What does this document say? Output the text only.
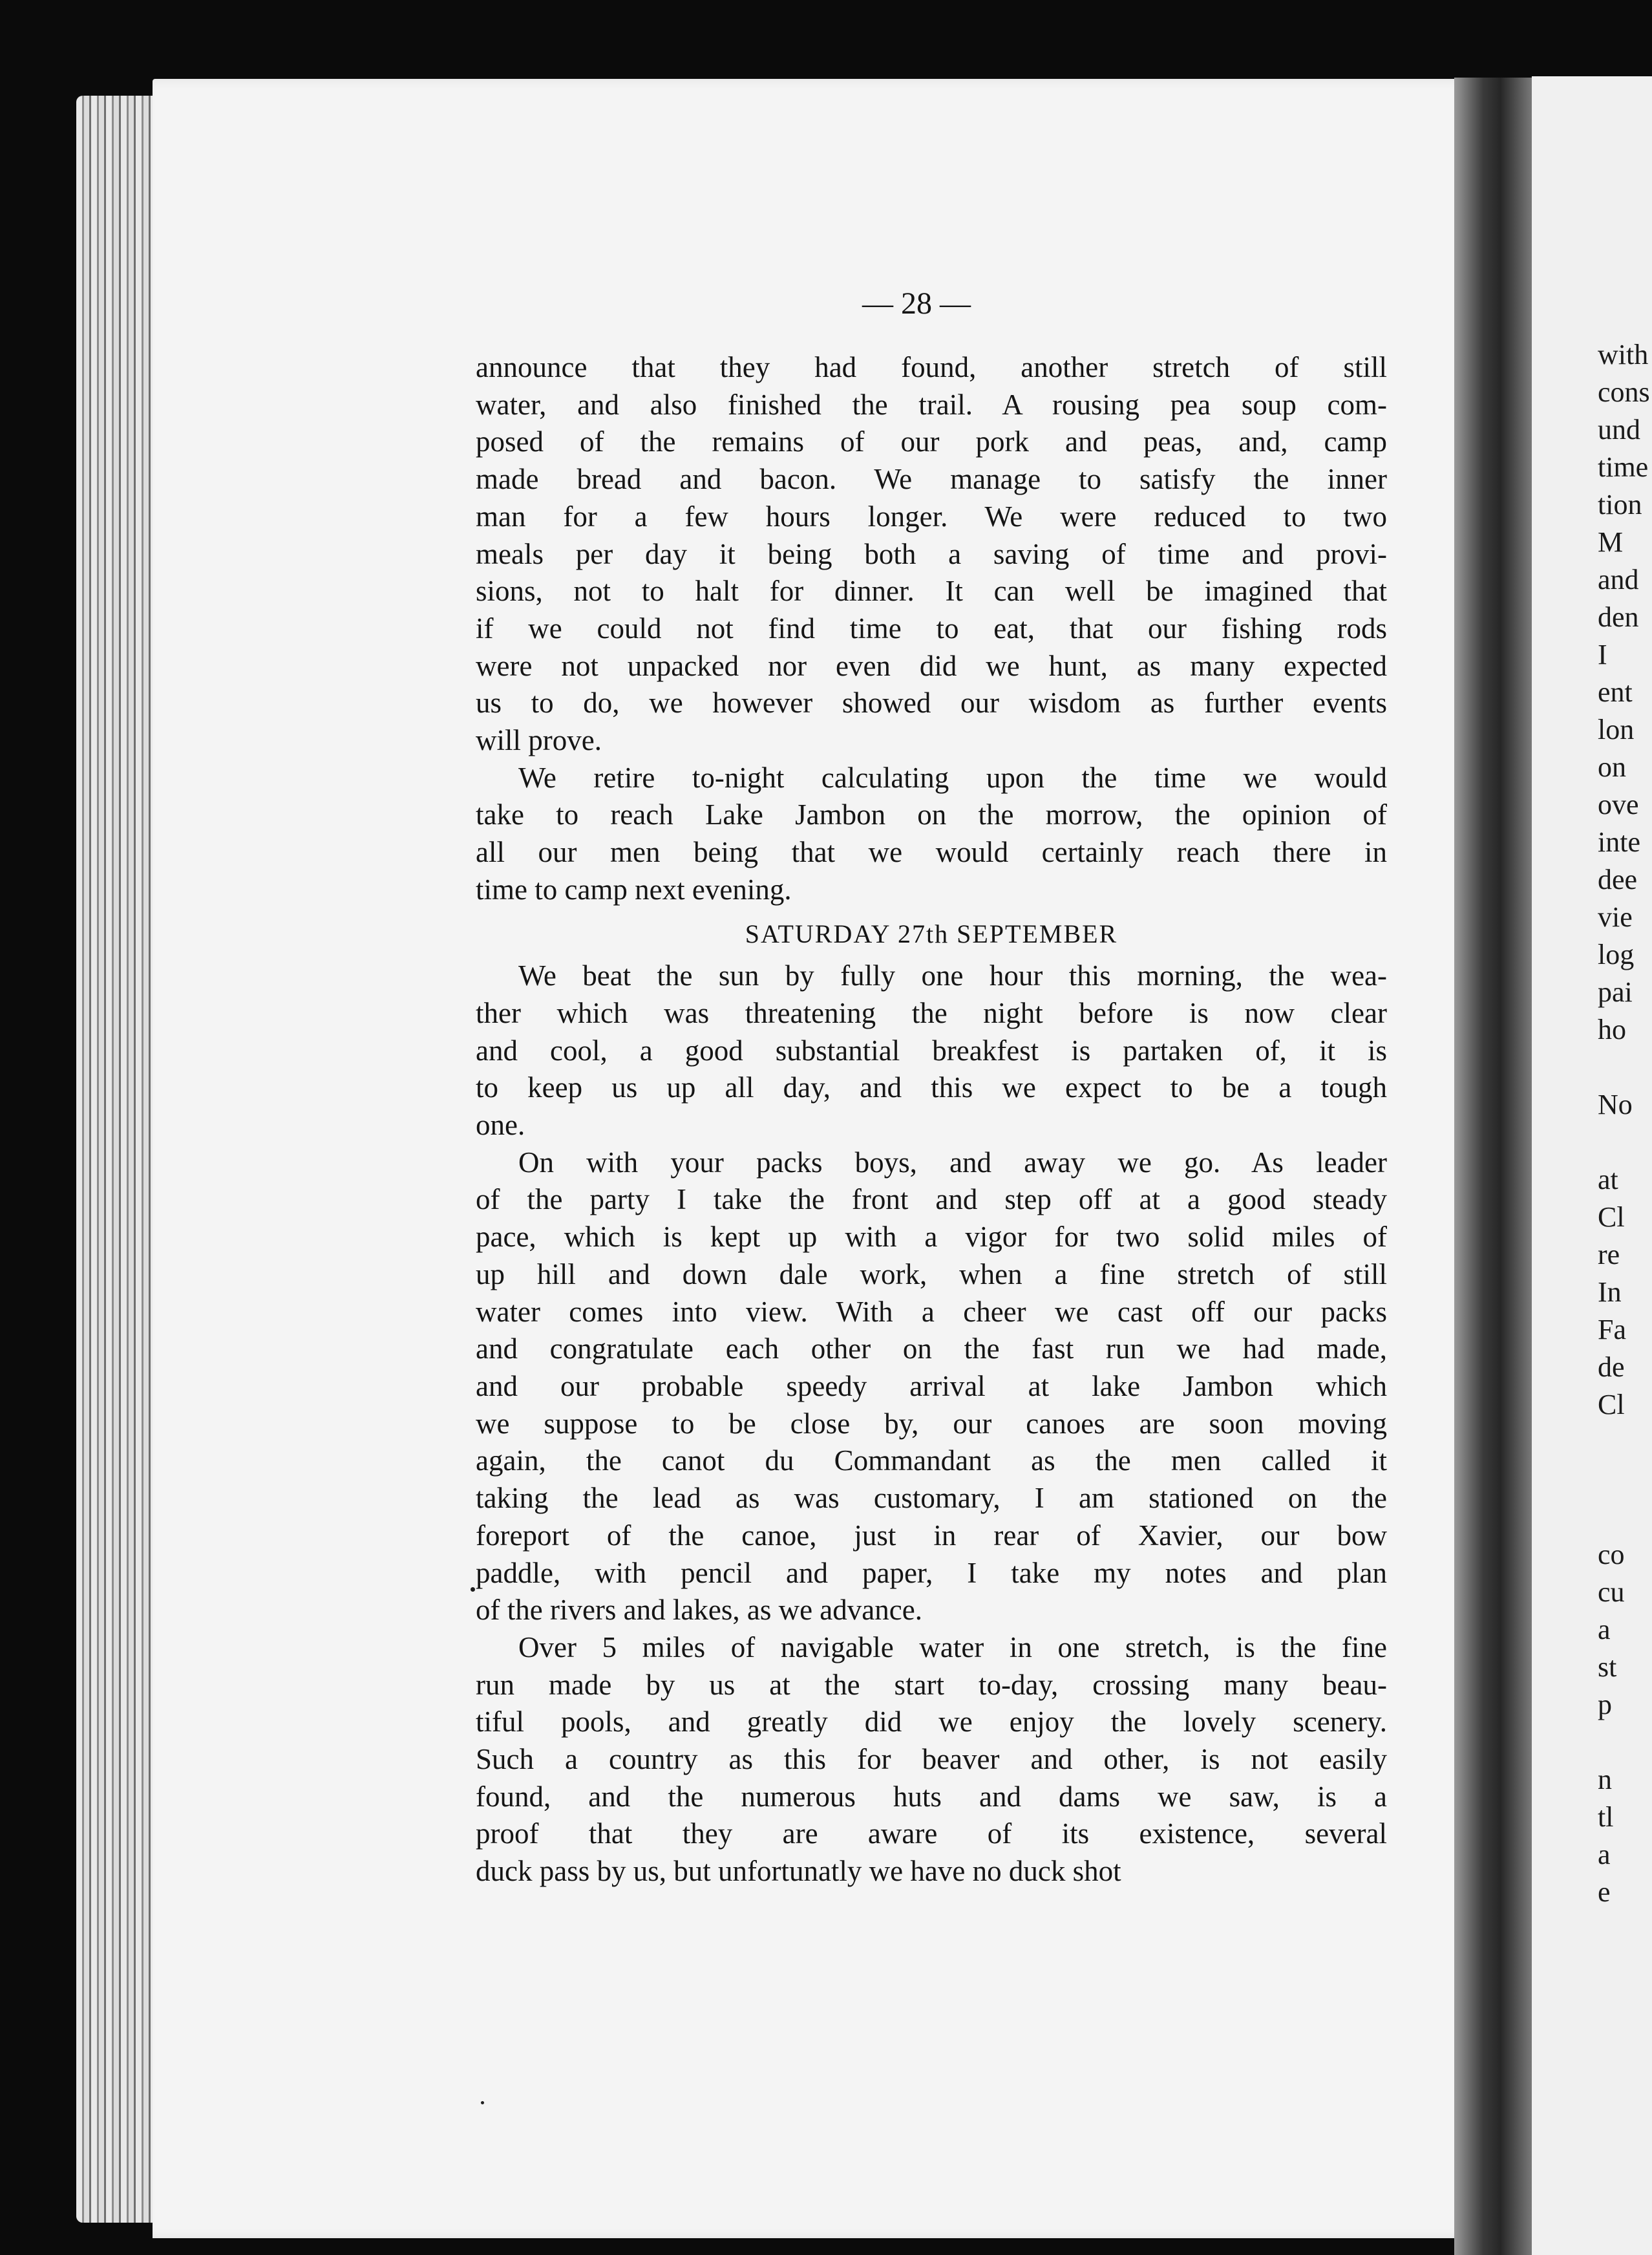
— 28 —
announce that they had found, another stretch of still
water, and also finished the trail. A rousing pea soup com-
posed of the remains of our pork and peas, and, camp
made bread and bacon. We manage to satisfy the inner
man for a few hours longer. We were reduced to two
meals per day it being both a saving of time and provi-
sions, not to halt for dinner. It can well be imagined that
if we could not find time to eat, that our fishing rods
were not unpacked nor even did we hunt, as many expected
us to do, we however showed our wisdom as further events
will prove.
We retire to-night calculating upon the time we would
take to reach Lake Jambon on the morrow, the opinion of
all our men being that we would certainly reach there in
time to camp next evening.
SATURDAY 27th SEPTEMBER
We beat the sun by fully one hour this morning, the wea-
ther which was threatening the night before is now clear
and cool, a good substantial breakfest is partaken of, it is
to keep us up all day, and this we expect to be a tough
one.
On with your packs boys, and away we go. As leader
of the party I take the front and step off at a good steady
pace, which is kept up with a vigor for two solid miles of
up hill and down dale work, when a fine stretch of still
water comes into view. With a cheer we cast off our packs
and congratulate each other on the fast run we had made,
and our probable speedy arrival at lake Jambon which
we suppose to be close by, our canoes are soon moving
again, the canot du Commandant as the men called it
taking the lead as was customary, I am stationed on the
foreport of the canoe, just in rear of Xavier, our bow
paddle, with pencil and paper, I take my notes and plan
of the rivers and lakes, as we advance.
Over 5 miles of navigable water in one stretch, is the fine
run made by us at the start to-day, crossing many beau-
tiful pools, and greatly did we enjoy the lovely scenery.
Such a country as this for beaver and other, is not easily
found, and the numerous huts and dams we saw, is a
proof that they are aware of its existence, several
duck pass by us, but unfortunatly we have no duck shot
with
cons
und
time
tion
M
and
den
I
ent
lon
on
ove
inte
dee
vie
log
pai
ho

No

at
Cl
re
In
Fa
de
Cl

co
cu
a
st
p

n
tl
a
e
